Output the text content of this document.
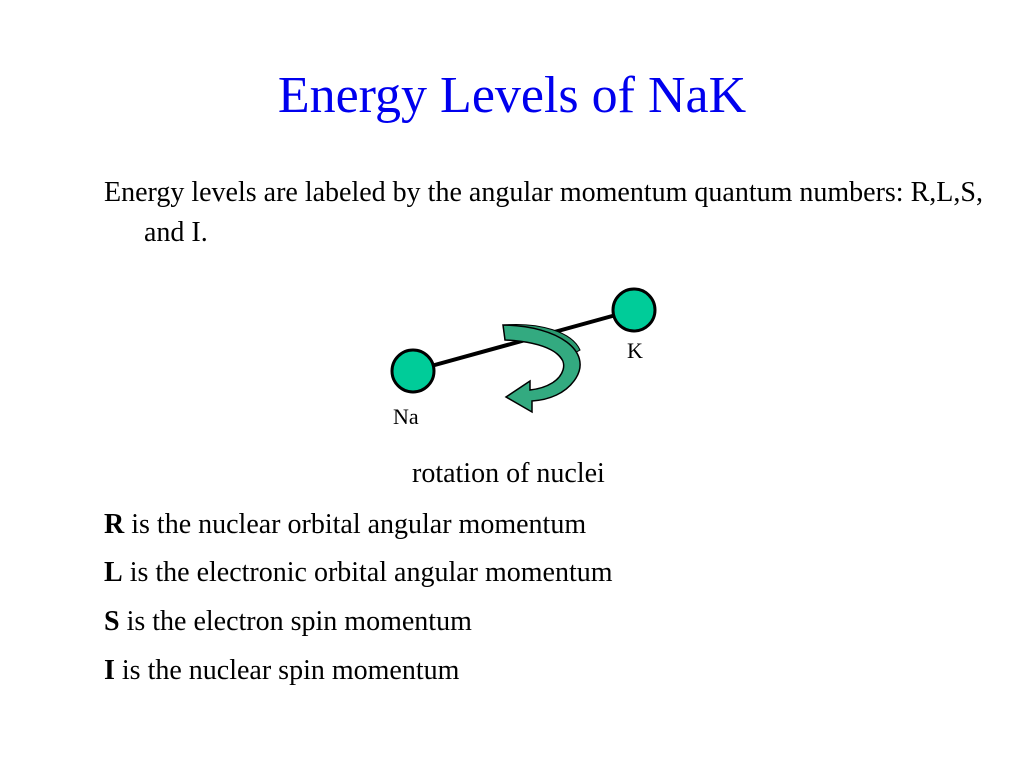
Energy Levels of NaK
Energy levels are labeled by the angular momentum quantum numbers: R,L,S, and I.
Na
K
rotation of nuclei
R is the nuclear orbital angular momentum
L is the electronic orbital angular momentum
S is the electron spin momentum
I is the nuclear spin momentum
